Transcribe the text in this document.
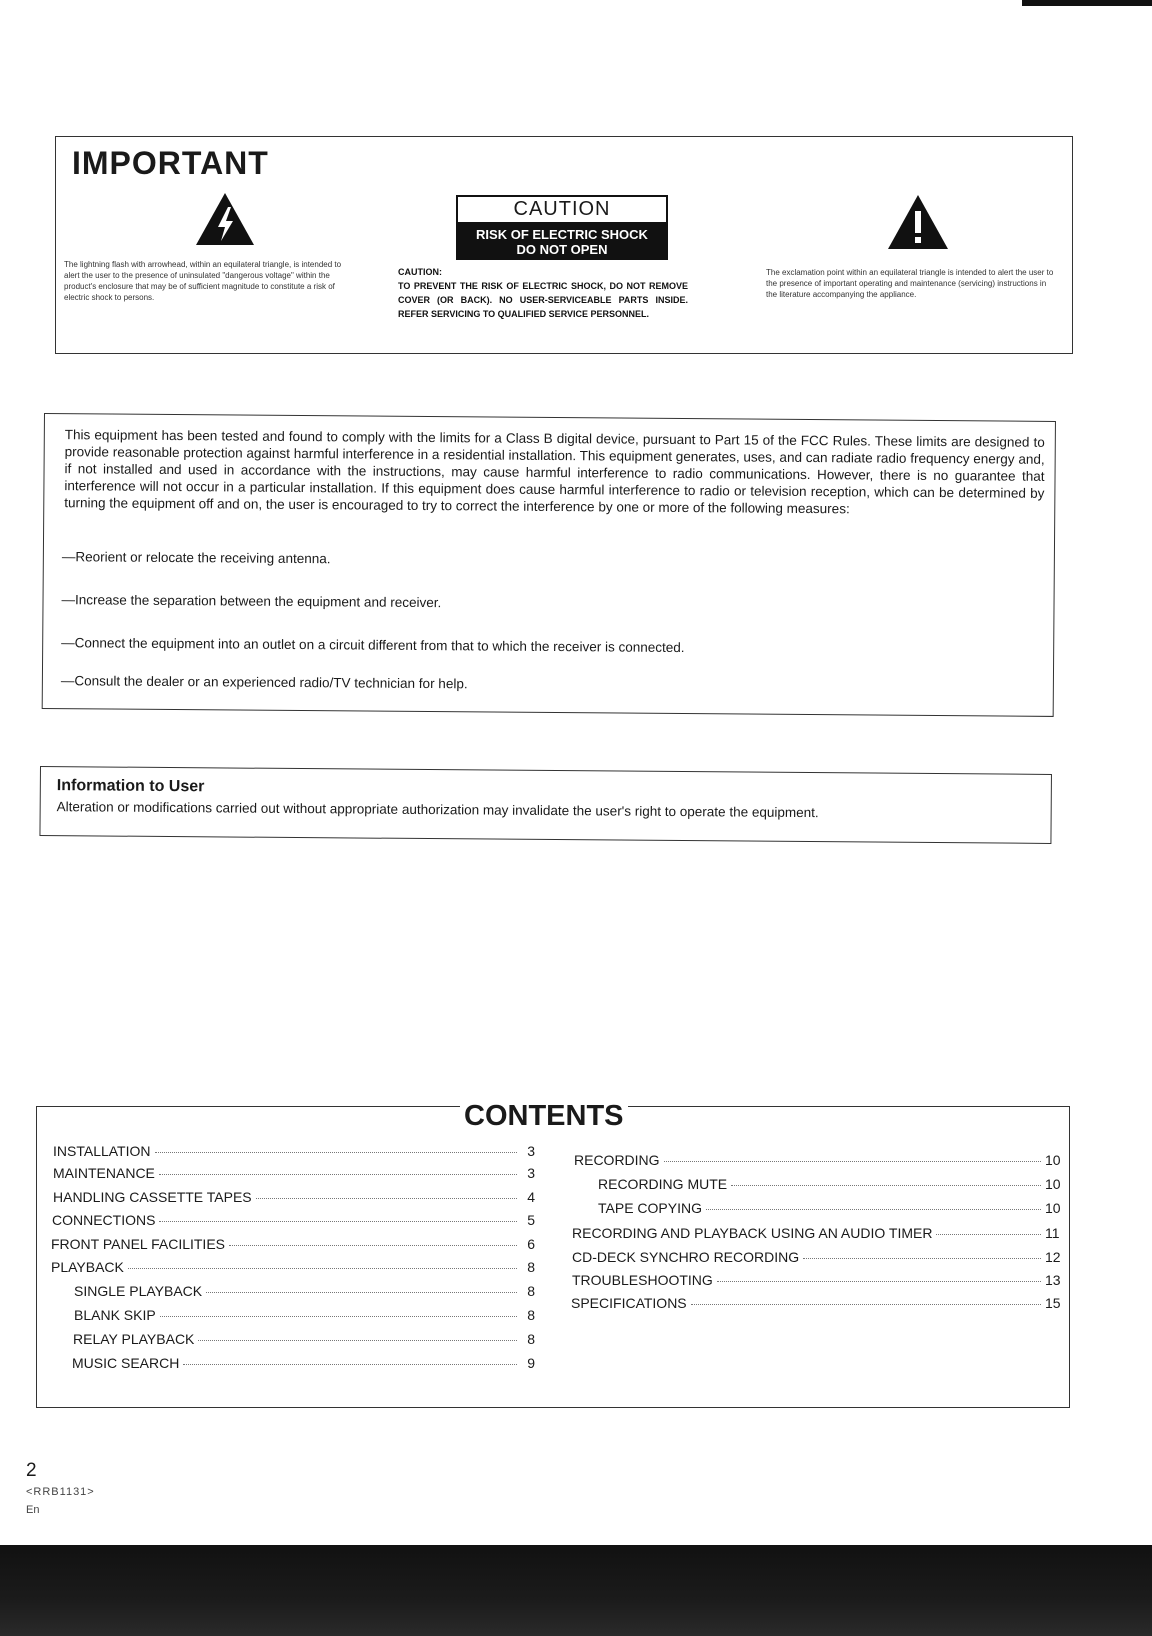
IMPORTANT
CAUTION
RISK OF ELECTRIC SHOCK
DO NOT OPEN
The lightning flash with arrowhead, within an equilateral triangle, is intended to alert the user to the presence of uninsulated "dangerous voltage" within the product's enclosure that may be of sufficient magnitude to constitute a risk of electric shock to persons.
CAUTION:
TO PREVENT THE RISK OF ELECTRIC SHOCK, DO NOT REMOVE COVER (OR BACK). NO USER-SERVICEABLE PARTS INSIDE. REFER SERVICING TO QUALIFIED SERVICE PERSONNEL.
The exclamation point within an equilateral triangle is intended to alert the user to the presence of important operating and maintenance (servicing) instructions in the literature accompanying the appliance.
This equipment has been tested and found to comply with the limits for a Class B digital device, pursuant to Part 15 of the FCC Rules. These limits are designed to provide reasonable protection against harmful interference in a residential installation. This equipment generates, uses, and can radiate radio frequency energy and, if not installed and used in accordance with the instructions, may cause harmful interference to radio communications. However, there is no guarantee that interference will not occur in a particular installation. If this equipment does cause harmful interference to radio or television reception, which can be determined by turning the equipment off and on, the user is encouraged to try to correct the interference by one or more of the following measures:
—Reorient or relocate the receiving antenna.
—Increase the separation between the equipment and receiver.
—Connect the equipment into an outlet on a circuit different from that to which the receiver is connected.
—Consult the dealer or an experienced radio/TV technician for help.
Information to User
Alteration or modifications carried out without appropriate authorization may invalidate the user's right to operate the equipment.
CONTENTS
INSTALLATION	3
MAINTENANCE	3
HANDLING CASSETTE TAPES	4
CONNECTIONS	5
FRONT PANEL FACILITIES	6
PLAYBACK	8
SINGLE PLAYBACK	8
BLANK SKIP	8
RELAY PLAYBACK	8
MUSIC SEARCH	9
RECORDING	10
RECORDING MUTE	10
TAPE COPYING	10
RECORDING AND PLAYBACK USING AN AUDIO TIMER	11
CD-DECK SYNCHRO RECORDING	12
TROUBLESHOOTING	13
SPECIFICATIONS	15
2
<RRB1131>
En
